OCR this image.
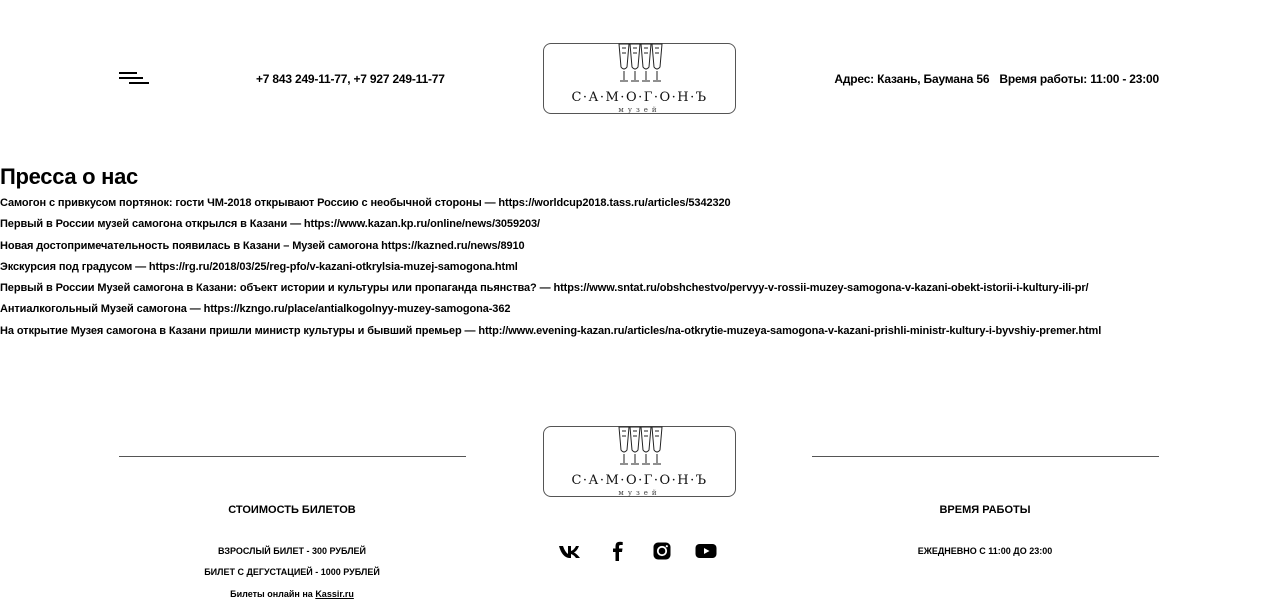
+7 843 249-11-77, +7 927 249-11-77
С·А·М·О·Г·О·Н·Ъ
музей
Адрес: Казань, Баумана 56 Время работы: 11:00 - 23:00
Пресса о нас
Самогон с привкусом портянок: гости ЧМ-2018 открывают Россию с необычной стороны — https://worldcup2018.tass.ru/articles/5342320
Первый в России музей самогона открылся в Казани — https://www.kazan.kp.ru/online/news/3059203/
Новая достопримечательность появилась в Казани – Музей самогона https://kazned.ru/news/8910
Экскурсия под градусом — https://rg.ru/2018/03/25/reg-pfo/v-kazani-otkrylsia-muzej-samogona.html
Первый в России Музей самогона в Казани: объект истории и культуры или пропаганда пьянства? — https://www.sntat.ru/obshchestvo/pervyy-v-rossii-muzey-samogona-v-kazani-obekt-istorii-i-kultury-ili-pr/
Антиалкогольный Музей самогона — https://kzngo.ru/place/antialkogolnyy-muzey-samogona-362
На открытие Музея самогона в Казани пришли министр культуры и бывший премьер — http://www.evening-kazan.ru/articles/na-otkrytie-muzeya-samogona-v-kazani-prishli-ministr-kultury-i-byvshiy-premer.html
С·А·М·О·Г·О·Н·Ъ
музей
СТОИМОСТЬ БИЛЕТОВ
ВЗРОСЛЫЙ БИЛЕТ - 300 РУБЛЕЙ
БИЛЕТ С ДЕГУСТАЦИЕЙ - 1000 РУБЛЕЙ
Билеты онлайн на Kassir.ru
ВРЕМЯ РАБОТЫ
ЕЖЕДНЕВНО С 11:00 ДО 23:00
